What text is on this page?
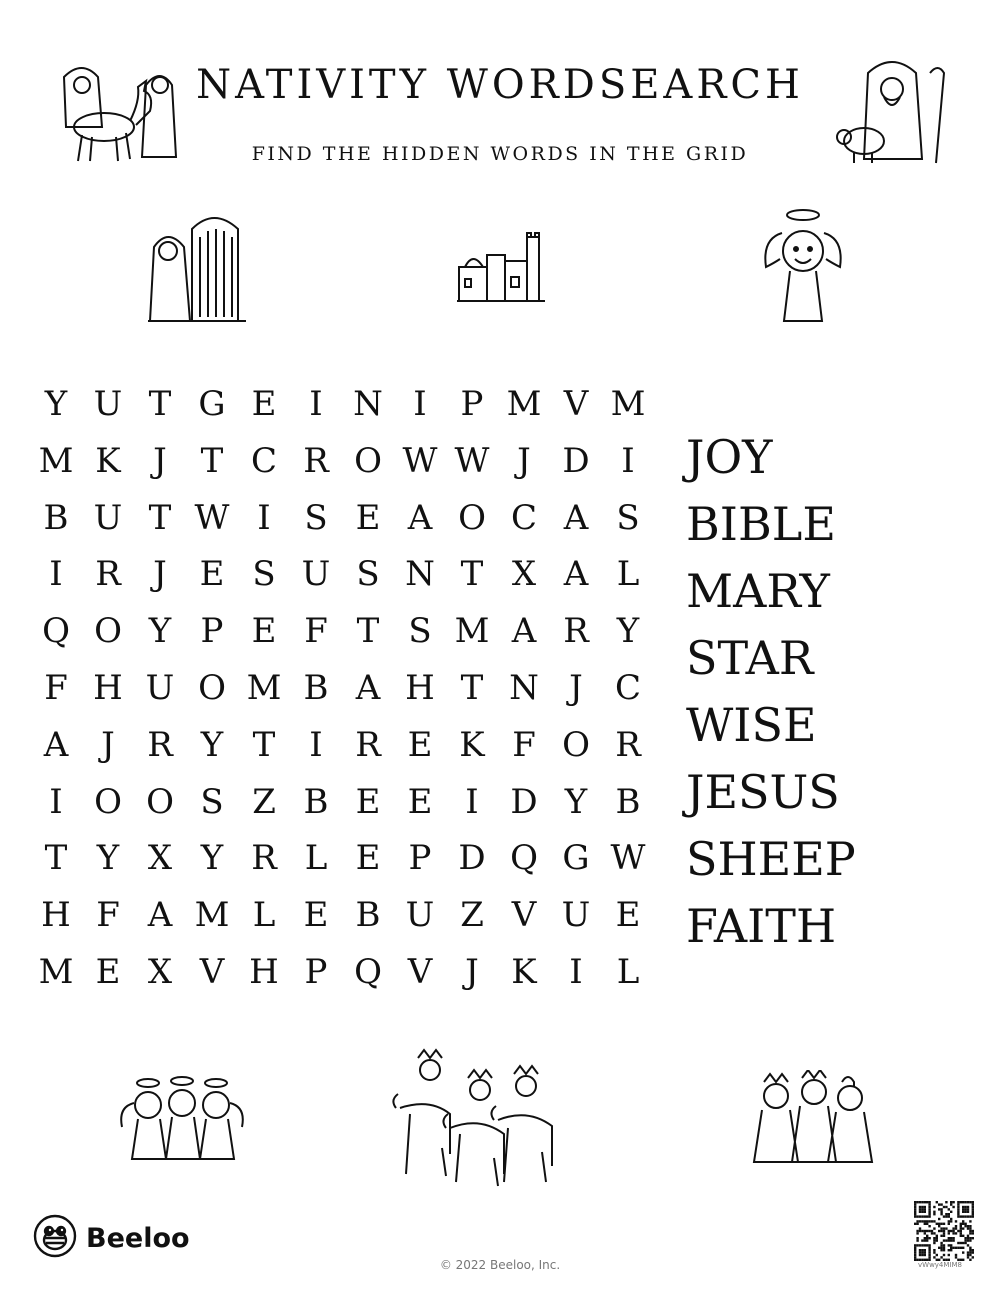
NATIVITY WORDSEARCH
FIND THE HIDDEN WORDS IN THE GRID
Y U T G E I N I P M V M
M K J T C R O W W J D I
B U T W I S E A O C A S
I R J E S U S N T X A L
Q O Y P E F T S M A R Y
F H U O M B A H T N J C
A J R Y T I R E K F O R
I O O S Z B E E I D Y B
T Y X Y R L E P D Q G W
H F A M L E B U Z V U E
M E X V H P Q V J K I L
JOY
BIBLE
MARY
STAR
WISE
JESUS
SHEEP
FAITH
Beeloo
© 2022 Beeloo, Inc.	vWwy4MIM8
